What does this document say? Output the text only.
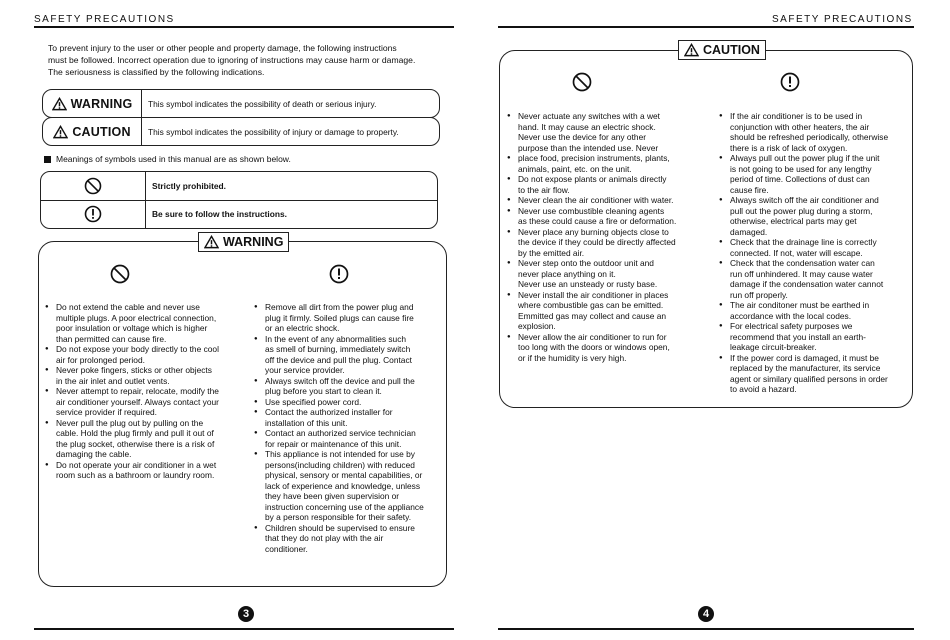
SAFETY PRECAUTIONS

To prevent injury to the user or other people and property damage, the following instructions

must be followed. Incorrect operation due to ignoring of instructions may cause harm or damage.

The seriousness is classified by the following indications.

WARNING	This symbol indicates the possibility of death or serious injury.
CAUTION	This symbol indicates the possibility of injury or damage to property.
Meanings of symbols used in this manual are as shown below.
Strictly prohibited.
Be sure to follow the instructions.
WARNING
● Do not extend the cable and never use
multiple plugs. A poor electrical connection,
poor insulation or voltage which is higher
than permitted can cause fire.
● Do not expose your body directly to the cool
air for prolonged period.
● Never poke fingers, sticks or other objects
in the air inlet and outlet vents.
● Never attempt to repair, relocate, modify the
air conditioner yourself. Always contact your
service provider if required.
● Never pull the plug out by pulling on the
cable. Hold the plug firmly and pull it out of
the plug socket, otherwise there is a risk of
damaging the cable.
● Do not operate your air conditioner in a wet
room such as a bathroom or laundry room.
● Remove all dirt from the power plug and
plug it firmly. Soiled plugs can cause fire
or an electric shock.
● In the event of any abnormalities such
as smell of burning, immediately switch
off the device and pull the plug. Contact
your service provider.
● Always switch off the device and pull the
plug before you start to clean it.
● Use specified power cord.
● Contact the authorized installer for
installation of this unit.
● Contact an authorized service technician
for repair or maintenance of this unit.
● This appliance is not intended for use by
persons(including children) with reduced
physical, sensory or mental capabilities, or
lack of experience and knowledge, unless
they have been given supervision or
instruction concerning use of the appliance
by a person responsible for their safety.
● Children should be supervised to ensure
that they do not play with the air
conditioner.
3
SAFETY PRECAUTIONS
CAUTION
● Never actuate any switches with a wet
hand. It may cause an electric shock.
Never use the device for any other
purpose than the intended use. Never
● place food, precision instruments, plants,
animals, paint, etc. on the unit.
● Do not expose plants or animals directly
to the air flow.
● Never clean the air conditioner with water.
● Never use combustible cleaning agents
as these could cause a fire or deformation.
● Never place any burning objects close to
the device if they could be directly affected
by the emitted air.
● Never step onto the outdoor unit and
never place anything on it.
Never use an unsteady or rusty base.
● Never install the air conditioner in places
where combustible gas can be emitted.
Emmitted gas may collect and cause an
explosion.
● Never allow the air conditioner to run for
too long with the doors or windows open,
or if the humidity is very high.
● If the air conditioner is to be used in
conjunction with other heaters, the air
should be refreshed periodically, otherwise
there is a risk of lack of oxygen.
● Always pull out the power plug if the unit
is not going to be used for any lengthy
period of time. Collections of dust can
cause fire.
● Always switch off the air conditioner and
pull out the power plug during a storm,
otherwise, electrical parts may get
damaged.
● Check that the drainage line is correctly
connected. If not, water will escape.
● Check that the condensation water can
run off unhindered. It may cause water
damage if the condensation water cannot
run off properly.
● The air conditoner must be earthed in
accordance with the local codes.
● For electrical safety purposes we
recommend that you install an earth-
leakage circuit-breaker.
● If the power cord is damaged, it must be
replaced by the manufacturer, its service
agent or similary qualified persons in order
to avoid a hazard.
4
